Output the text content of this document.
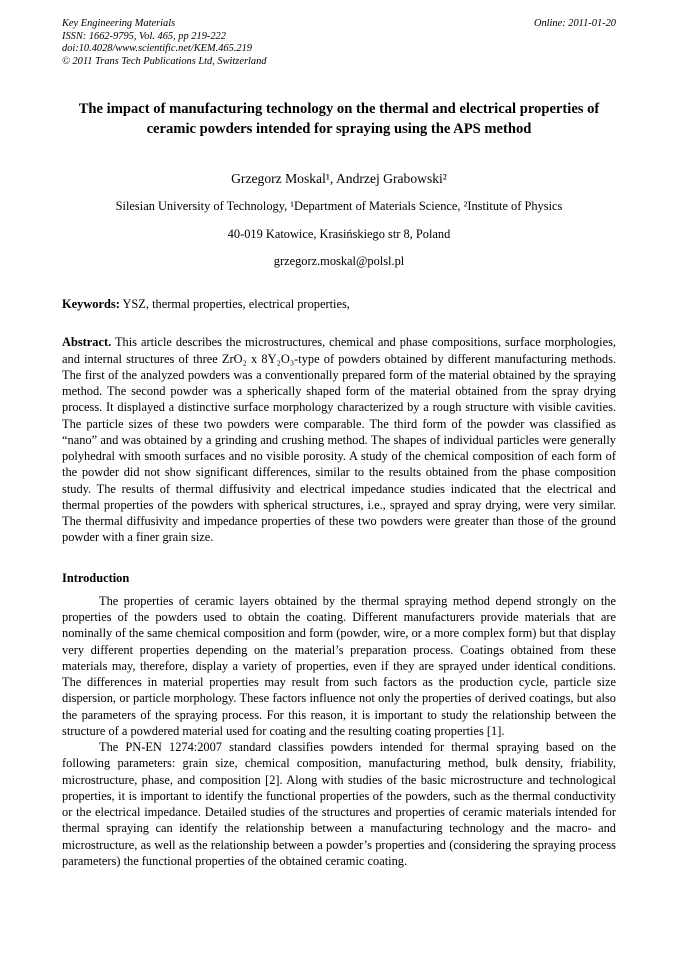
Key Engineering Materials
ISSN: 1662-9795, Vol. 465, pp 219-222
doi:10.4028/www.scientific.net/KEM.465.219
© 2011 Trans Tech Publications Ltd, Switzerland
Online: 2011-01-20
The impact of manufacturing technology on the thermal and electrical properties of ceramic powders intended for spraying using the APS method
Grzegorz Moskal¹, Andrzej Grabowski²
Silesian University of Technology, ¹Department of Materials Science, ²Institute of Physics
40-019 Katowice, Krasińskiego str 8, Poland
grzegorz.moskal@polsl.pl

Keywords: YSZ, thermal properties, electrical properties,

Abstract. This article describes the microstructures, chemical and phase compositions, surface morphologies, and internal structures of three ZrO₂ x 8Y₂O₃-type of powders obtained by different manufacturing methods. The first of the analyzed powders was a conventionally prepared form of the material obtained by the spraying method. The second powder was a spherically shaped form of the material obtained from the spray drying process. It displayed a distinctive surface morphology characterized by a rough structure with visible cavities. The particle sizes of these two powders were comparable. The third form of the powder was classified as “nano” and was obtained by a grinding and crushing method. The shapes of individual particles were generally polyhedral with smooth surfaces and no visible porosity. A study of the chemical composition of each form of the powder did not show significant differences, similar to the results obtained from the phase composition study. The results of thermal diffusivity and electrical impedance studies indicated that the electrical and thermal properties of the powders with spherical structures, i.e., sprayed and spray drying, were very similar. The thermal diffusivity and impedance properties of these two powders were greater than those of the ground powder with a finer grain size.

Introduction

The properties of ceramic layers obtained by the thermal spraying method depend strongly on the properties of the powders used to obtain the coating. Different manufacturers provide materials that are nominally of the same chemical composition and form (powder, wire, or a more complex form) but that display very different properties depending on the material’s preparation process. Coatings obtained from these materials may, therefore, display a variety of properties, even if they are sprayed under identical conditions. The differences in material properties may result from such factors as the production cycle, particle size dispersion, or particle morphology. These factors influence not only the properties of derived coatings, but also the parameters of the spraying process. For this reason, it is important to study the relationship between the structure of a powdered material used for coating and the resulting coating properties [1].

The PN-EN 1274:2007 standard classifies powders intended for thermal spraying based on the following parameters: grain size, chemical composition, manufacturing method, bulk density, friability, microstructure, phase, and composition [2]. Along with studies of the basic microstructure and technological properties, it is important to identify the functional properties of the powders, such as the thermal conductivity or the electrical impedance. Detailed studies of the structures and properties of ceramic materials intended for thermal spraying can identify the relationship between a manufacturing technology and the macro- and microstructure, as well as the relationship between a powder’s properties and (considering the spraying process parameters) the functional properties of the obtained ceramic coating.
